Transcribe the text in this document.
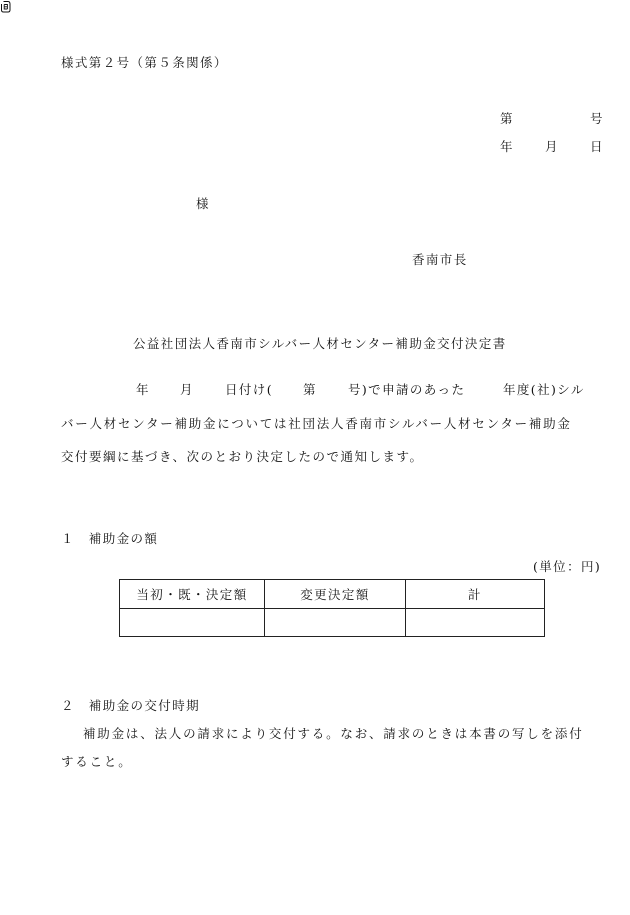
様式第２号（第５条関係）
第	号
年 月 日
様
香南市長
公益社団法人香南市シルバー人材センター補助金交付決定書
年 月 日付け( 第 号)で申請のあった	年度(社)シル
バー人材センター補助金については社団法人香南市シルバー人材センター補助金
交付要綱に基づき、次のとおり決定したので通知します。
１　補助金の額
(単位：円)
当初・既・決定額	変更決定額	計

２　補助金の交付時期
補助金は、法人の請求により交付する。なお、請求のときは本書の写しを添付
すること。
